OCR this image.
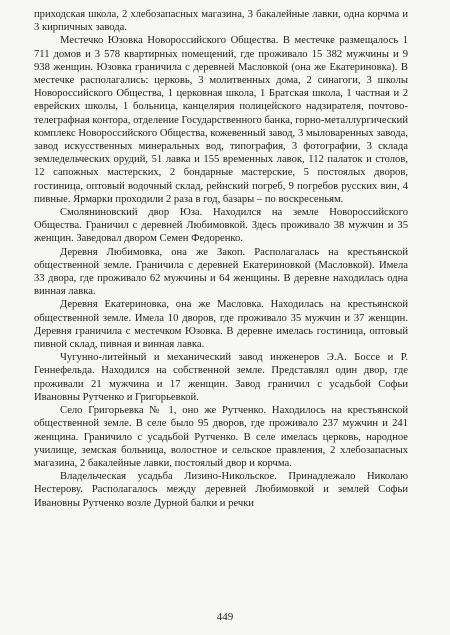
приходская школа, 2 хлебозапасных магазина, 3 бакалейные лавки, одна корчма и 3 кирпичных завода.

Местечко Юзовка Новороссийского Общества. В местечке размещалось 1 711 домов и 3 578 квартирных помещений, где проживало 15 382 мужчины и 9 938 женщин. Юзовка граничила с деревней Масловкой (она же Екатериновка). В местечке располагались: церковь, 3 молитвенных дома, 2 синагоги, 3 школы Новороссийского Общества, 1 церковная школа, 1 Братская школа, 1 частная и 2 еврейских школы, 1 больница, канцелярия полицейского надзирателя, почтово-телеграфная контора, отделение Государственного банка, горно-металлургический комплекс Новороссийского Общества, кожевенный завод, 3 мыловаренных завода, завод искусственных минеральных вод, типография, 3 фотографии, 3 склада земледельческих орудий, 51 лавка и 155 временных лавок, 112 палаток и столов, 12 сапожных мастерских, 2 бондарные мастерские, 5 постоялых дворов, гостиница, оптовый водочный склад, рейнский погреб, 9 погребов русских вин, 4 пивные. Ярмарки проходили 2 раза в год, базары – по воскресеньям.

Смоляниновский двор Юза. Находился на земле Новороссийского Общества. Граничил с деревней Любимовкой. Здесь проживало 38 мужчин и 35 женщин. Заведовал двором Семен Федоренко.

Деревня Любимовка, она же Закоп. Располагалась на крестьянской общественной земле. Граничила с деревней Екатериновкой (Масловкой). Имела 33 двора, где проживало 62 мужчины и 64 женщины. В деревне находилась одна винная лавка.

Деревня Екатериновка, она же Масловка. Находилась на крестьянской общественной земле. Имела 10 дворов, где проживало 35 мужчин и 37 женщин. Деревня граничила с местечком Юзовка. В деревне имелась гостиница, оптовый пивной склад, пивная и винная лавка.

Чугунно-литейный и механический завод инженеров Э.А. Боссе и Р. Геннефельда. Находился на собственной земле. Представлял один двор, где проживали 21 мужчина и 17 женщин. Завод граничил с усадьбой Софьи Ивановны Рутченко и Григорьевкой.

Село Григорьевка № 1, оно же Рутченко. Находилось на крестьянской общественной земле. В селе было 95 дворов, где проживало 237 мужчин и 241 женщина. Граничило с усадьбой Рутченко. В селе имелась церковь, народное училище, земская больница, волостное и сельское правления, 2 хлебозапасных магазина, 2 бакалейные лавки, постоялый двор и корчма.

Владельческая усадьба Лизино-Никольское. Принадлежало Николаю Нестерову. Располагалось между деревней Любимовкой и землей Софьи Ивановны Рутченко возле Дурной балки и речки

449
